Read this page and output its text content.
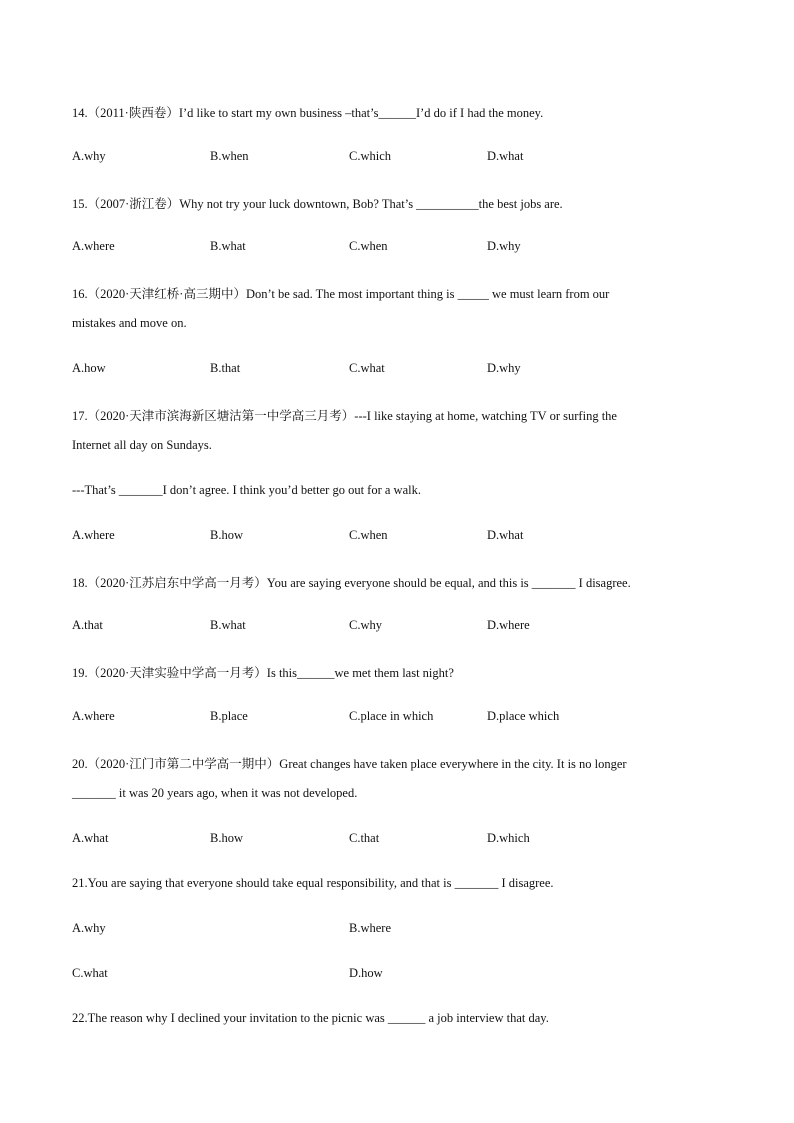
14.（2011·陕西卷）I’d like to start my own business –that’s______I’d do if I had the money.
A.why	B.when	C.which	D.what
15.（2007·浙江卷）Why not try your luck downtown, Bob? That’s __________the best jobs are.
A.where	B.what	C.when	D.why
16.（2020·天津红桥·高三期中）Don’t be sad. The most important thing is _____ we must learn from our
mistakes and move on.
A.how	B.that	C.what	D.why
17.（2020·天津市滨海新区塘沽第一中学高三月考）---I like staying at home, watching TV or surfing the
Internet all day on Sundays.
---That’s _______I don’t agree. I think you’d better go out for a walk.
A.where	B.how	C.when	D.what
18.（2020·江苏启东中学高一月考）You are saying everyone should be equal, and this is _______ I disagree.
A.that	B.what	C.why	D.where
19.（2020·天津实验中学高一月考）Is this______we met them last night?
A.where	B.place	C.place in which	D.place which
20.（2020·江门市第二中学高一期中）Great changes have taken place everywhere in the city. It is no longer
_______ it was 20 years ago, when it was not developed.
A.what	B.how	C.that	D.which
21.You are saying that everyone should take equal responsibility, and that is _______ I disagree.
A.why	B.where
C.what	D.how
22.The reason why I declined your invitation to the picnic was ______ a job interview that day.
